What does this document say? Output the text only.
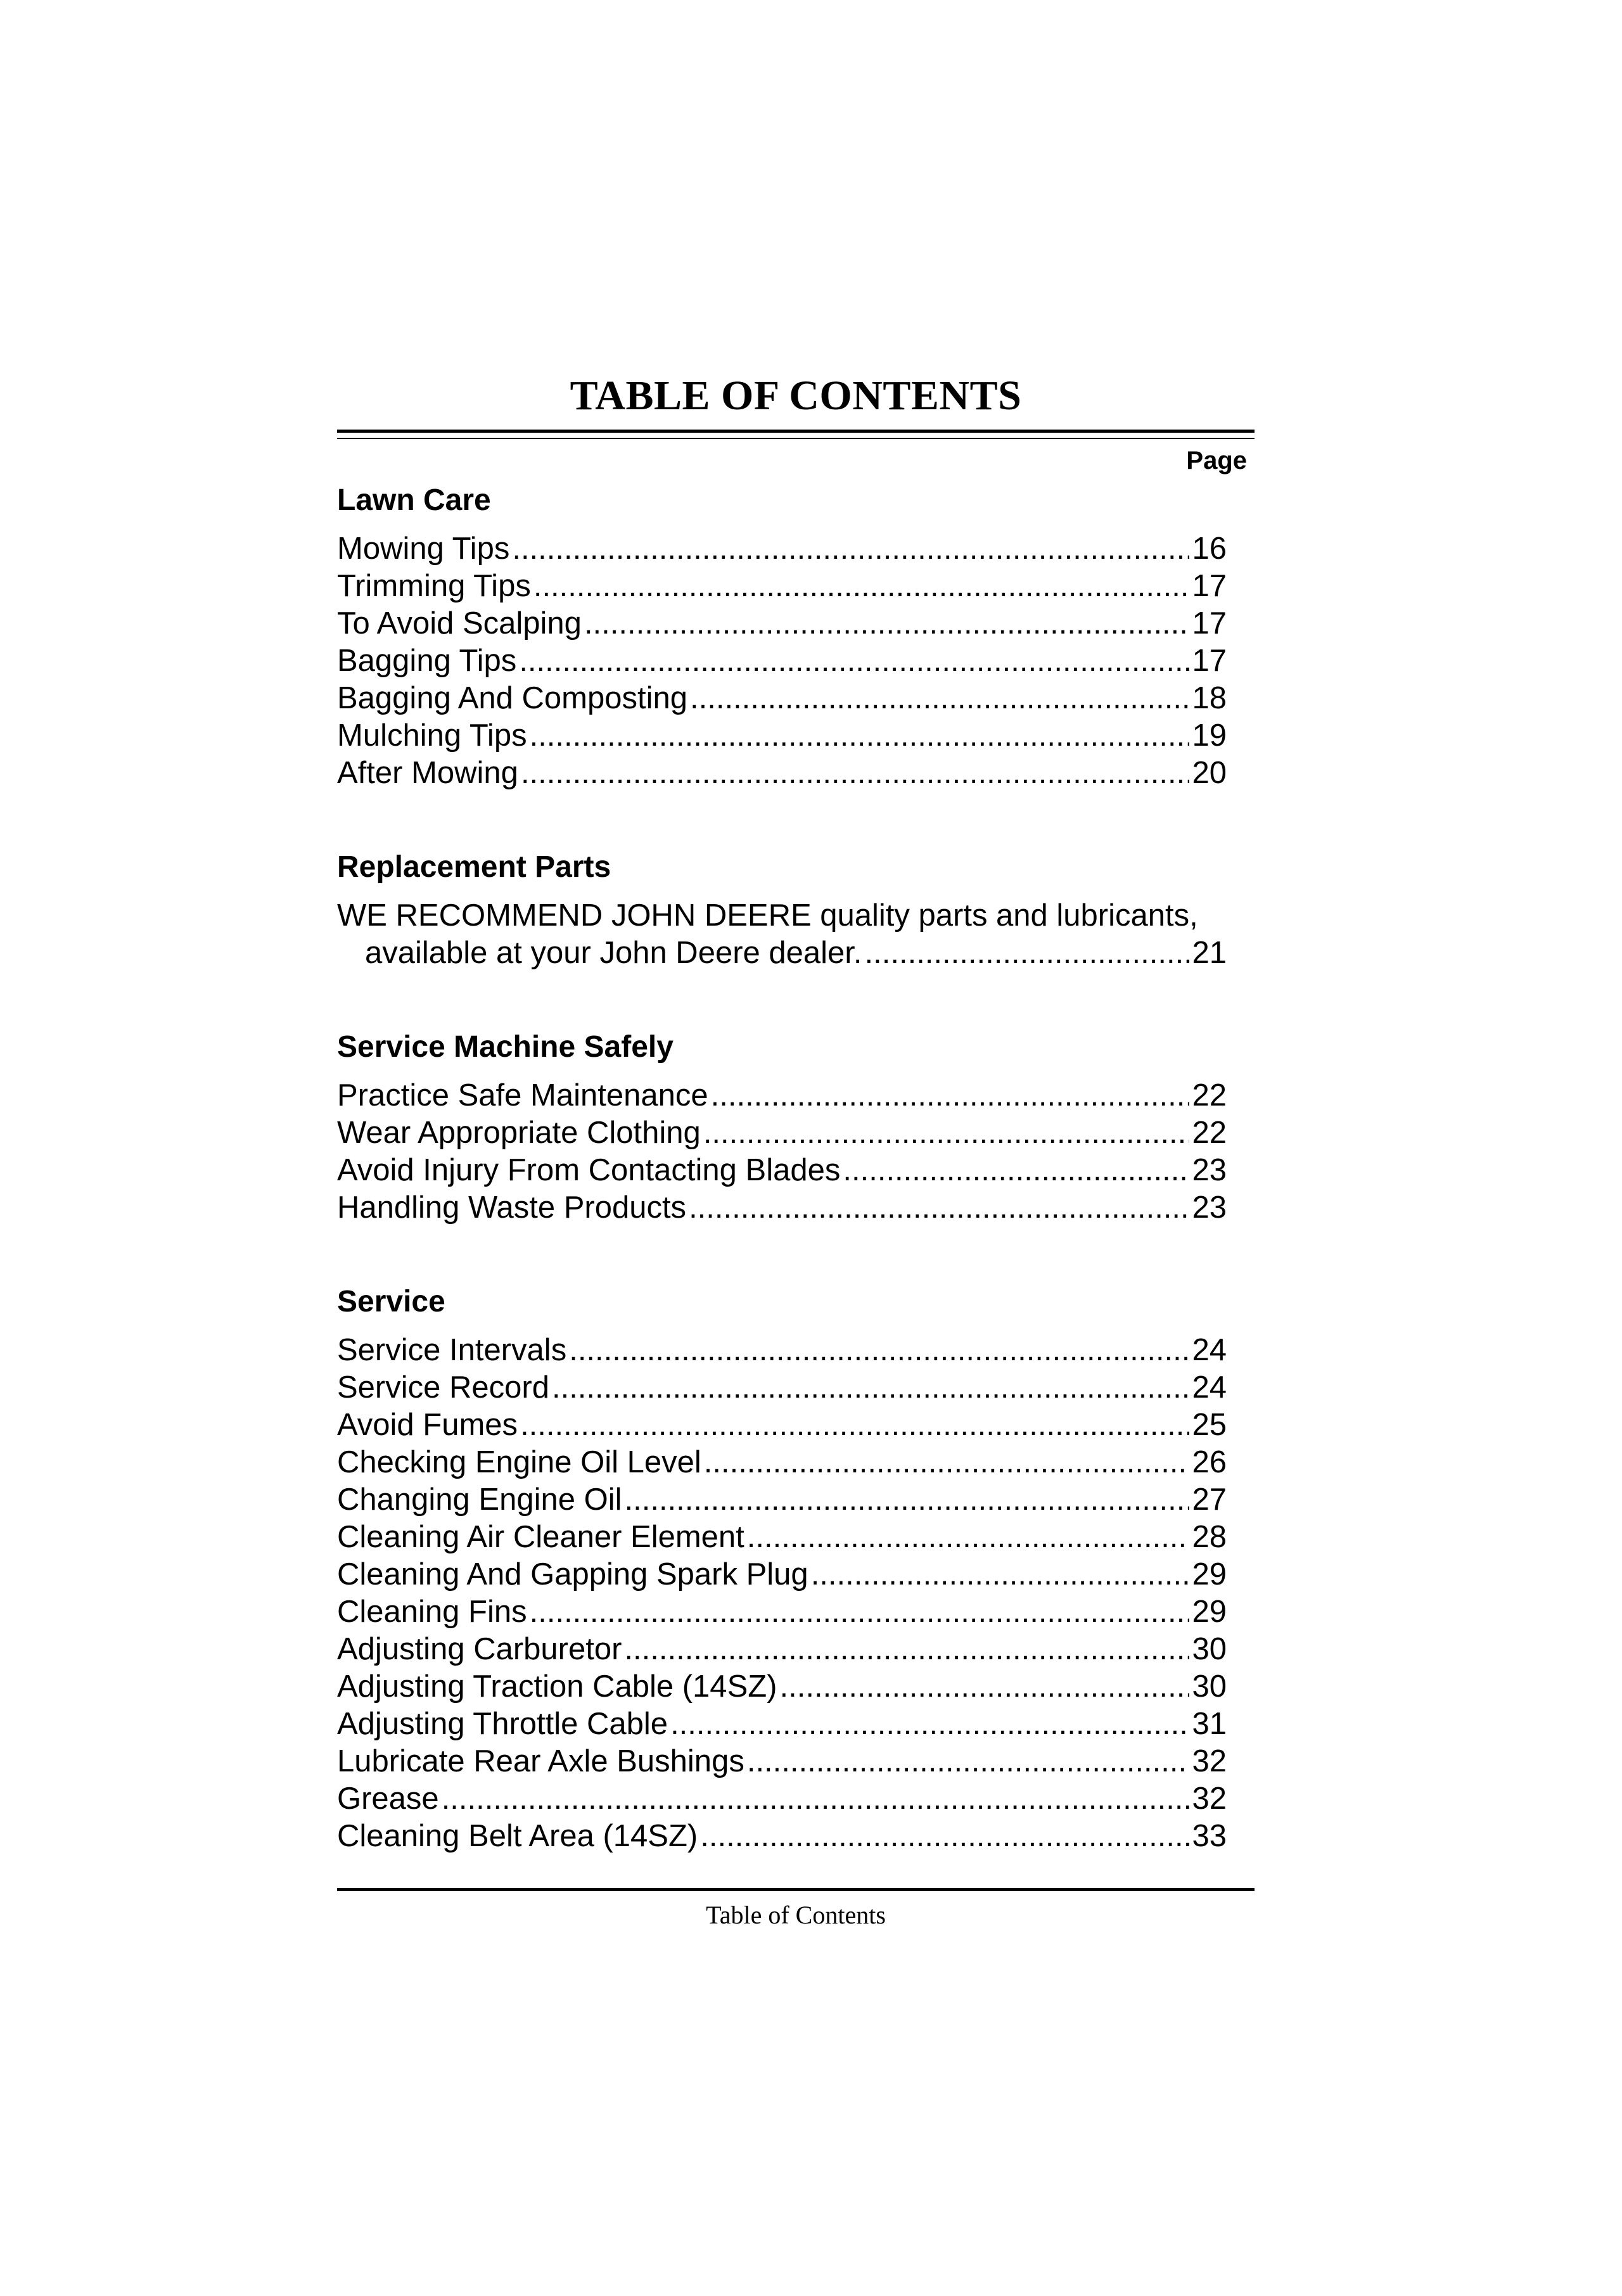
TABLE OF CONTENTS
Page
Lawn Care
Mowing Tips .....	16
Trimming Tips .....	17
To Avoid Scalping .....	17
Bagging Tips .....	17
Bagging And Composting .....	18
Mulching Tips .....	19
After Mowing .....	20
Replacement Parts
WE RECOMMEND JOHN DEERE quality parts and lubricants,
available at your John Deere dealer. .....	21
Service Machine Safely
Practice Safe Maintenance .....	22
Wear Appropriate Clothing .....	22
Avoid Injury From Contacting Blades .....	23
Handling Waste Products .....	23
Service
Service Intervals .....	24
Service Record .....	24
Avoid Fumes .....	25
Checking Engine Oil Level .....	26
Changing Engine Oil .....	27
Cleaning Air Cleaner Element .....	28
Cleaning And Gapping Spark Plug .....	29
Cleaning Fins .....	29
Adjusting Carburetor .....	30
Adjusting Traction Cable (14SZ) .....	30
Adjusting Throttle Cable .....	31
Lubricate Rear Axle Bushings .....	32
Grease .....	32
Cleaning Belt Area (14SZ) .....	33
Table of Contents
